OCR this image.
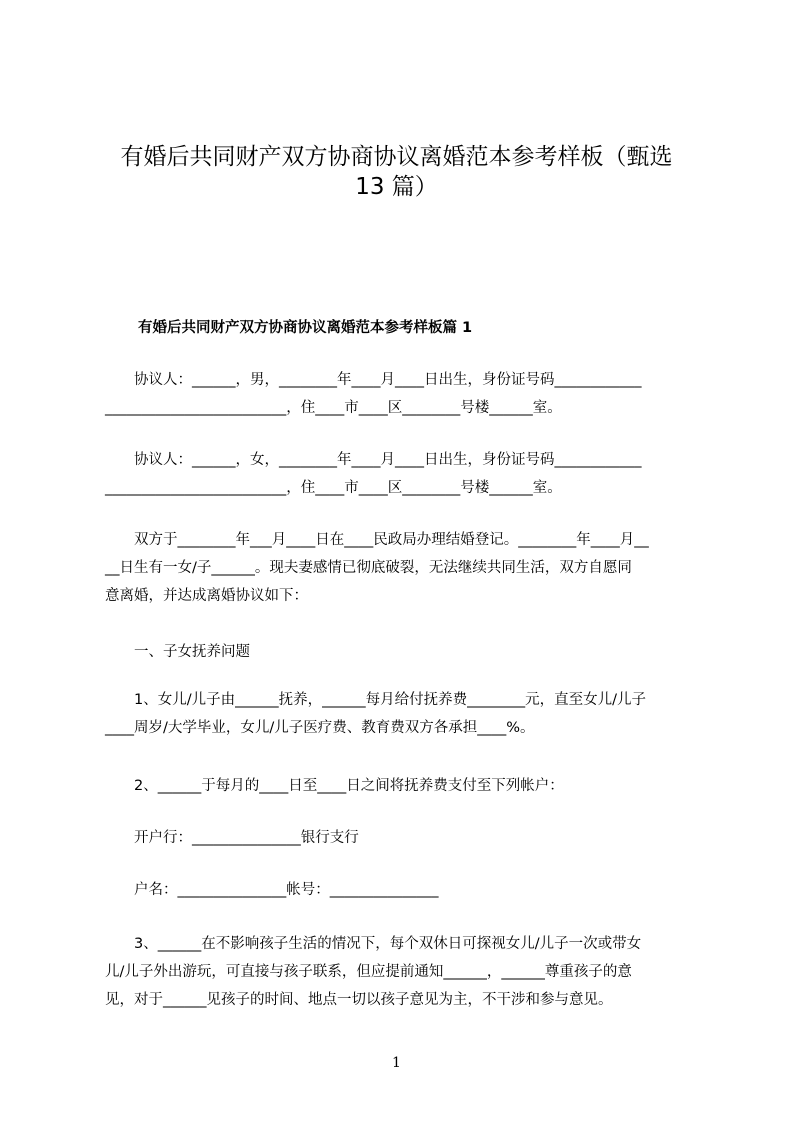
有婚后共同财产双方协商协议离婚范本参考样板（甄选
13 篇）
有婚后共同财产双方协商协议离婚范本参考样板篇 1
　　协议人：______，男，________年____月____日出生，身份证号码____________
_________________________，住____市____区________号楼______室。
　　协议人：______，女，________年____月____日出生，身份证号码____________
_________________________，住____市____区________号楼______室。
　　双方于________年___月____日在____民政局办理结婚登记。________年____月__
__日生有一女/子______。现夫妻感情已彻底破裂，无法继续共同生活，双方自愿同
意离婚，并达成离婚协议如下：
　　一、子女抚养问题
　　1、女儿/儿子由______抚养，______每月给付抚养费________元，直至女儿/儿子
____周岁/大学毕业，女儿/儿子医疗费、教育费双方各承担____%。
　　2、______于每月的____日至____日之间将抚养费支付至下列帐户：
　　开户行：_______________银行支行
　　户名：_______________帐号：_______________
　　3、______在不影响孩子生活的情况下，每个双休日可探视女儿/儿子一次或带女
儿/儿子外出游玩，可直接与孩子联系，但应提前通知______，______尊重孩子的意
见，对于______见孩子的时间、地点一切以孩子意见为主，不干涉和参与意见。
1
